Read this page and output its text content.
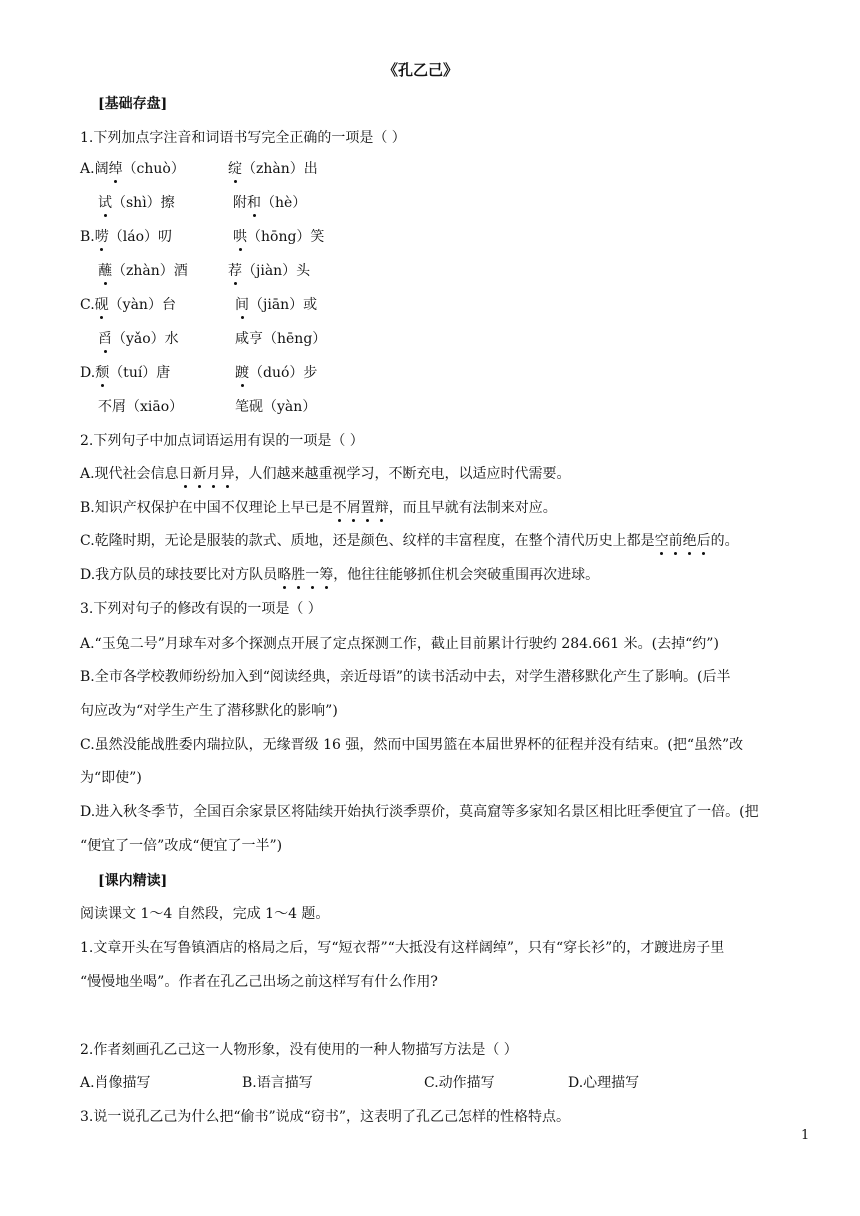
《孔乙己》
[基础存盘]
1.下列加点字注音和词语书写完全正确的一项是（ ）
A.阔绰（chuò）	绽（zhàn）出
试（shì）擦	附和（hè）
B.唠（láo）叨	哄（hōng）笑
蘸（zhàn）酒	荐（jiàn）头
C.砚（yàn）台	间（jiān）或
舀（yǎo）水	咸亨（hēng）
D.颓（tuí）唐	踱（duó）步
不屑（xiāo）	笔砚（yàn）
2.下列句子中加点词语运用有误的一项是（ ）
A.现代社会信息日新月异，人们越来越重视学习，不断充电，以适应时代需要。
B.知识产权保护在中国不仅理论上早已是不屑置辩，而且早就有法制来对应。
C.乾隆时期，无论是服装的款式、质地，还是颜色、纹样的丰富程度，在整个清代历史上都是空前绝后的。
D.我方队员的球技要比对方队员略胜一筹，他往往能够抓住机会突破重围再次进球。
3.下列对句子的修改有误的一项是（ ）
A.“玉兔二号”月球车对多个探测点开展了定点探测工作，截止目前累计行驶约 284.661 米。(去掉“约”)
B.全市各学校教师纷纷加入到“阅读经典，亲近母语”的读书活动中去，对学生潜移默化产生了影响。(后半
句应改为“对学生产生了潜移默化的影响”)
C.虽然没能战胜委内瑞拉队，无缘晋级 16 强，然而中国男篮在本届世界杯的征程并没有结束。(把“虽然”改
为“即使”)
D.进入秋冬季节，全国百余家景区将陆续开始执行淡季票价，莫高窟等多家知名景区相比旺季便宜了一倍。(把
“便宜了一倍”改成“便宜了一半”)
[课内精读]
阅读课文 1～4 自然段，完成 1～4 题。
1.文章开头在写鲁镇酒店的格局之后，写“短衣帮”“大抵没有这样阔绰”，只有“穿长衫”的，才踱进房子里
“慢慢地坐喝”。作者在孔乙己出场之前这样写有什么作用?
2.作者刻画孔乙己这一人物形象，没有使用的一种人物描写方法是（ ）
A.肖像描写	B.语言描写	C.动作描写	D.心理描写
3.说一说孔乙己为什么把“偷书”说成“窃书”，这表明了孔乙己怎样的性格特点。
1
